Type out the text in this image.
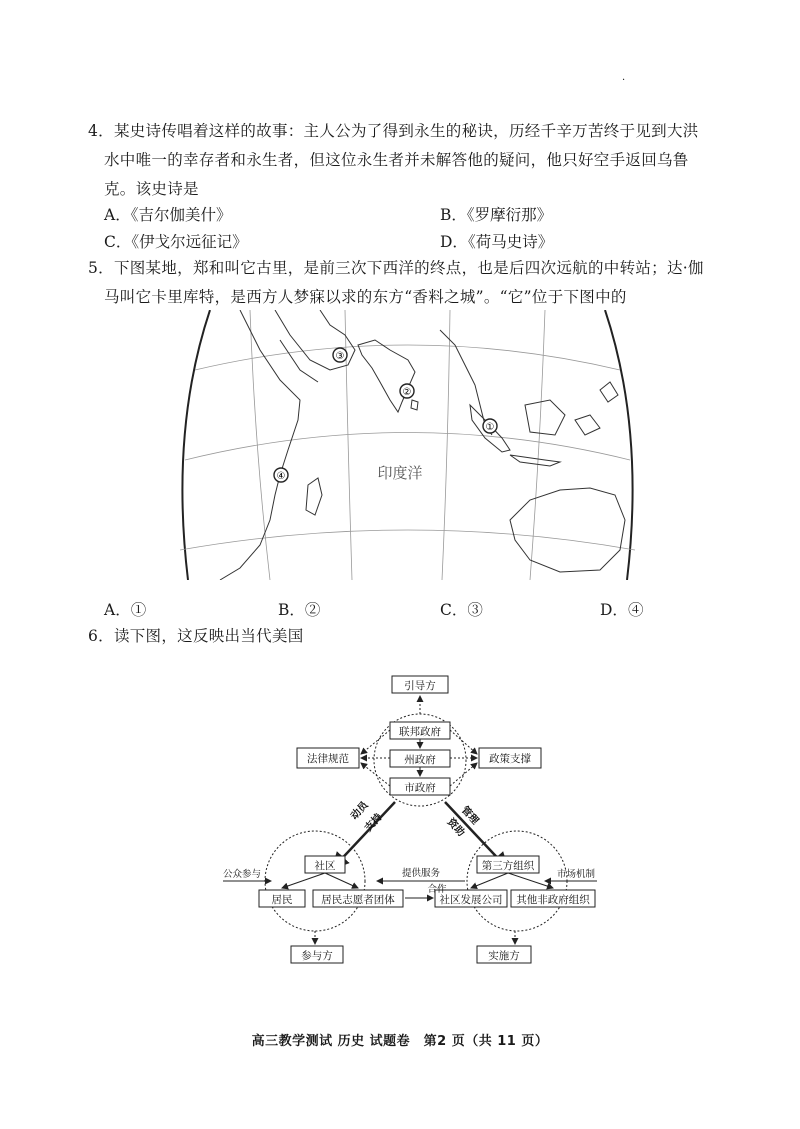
·

4．某史诗传唱着这样的故事：主人公为了得到永生的秘诀，历经千辛万苦终于见到大洪

水中唯一的幸存者和永生者，但这位永生者并未解答他的疑问，他只好空手返回乌鲁

克。该史诗是

A．《吉尔伽美什》	B．《罗摩衍那》
C．《伊戈尔远征记》	D．《荷马史诗》

5．下图某地，郑和叫它古里，是前三次下西洋的终点，也是后四次远航的中转站；达·伽

马叫它卡里库特，是西方人梦寐以求的东方“香料之城”。“它”位于下图中的

①
②
③
④	印度洋
A．①	B．②	C．③	D．④

6．读下图，这反映出当代美国

引导方
联邦政府
州政府
市政府
法律规范	政策支撑
动员
支持	管理
资助
社区
居民	居民志愿者团体
公众参与
参与方
第三方组织
社区发展公司 其他非政府组织
市场机制
实施方
提供服务
合作
高三教学测试 历史 试题卷　第2 页（共 11 页）
